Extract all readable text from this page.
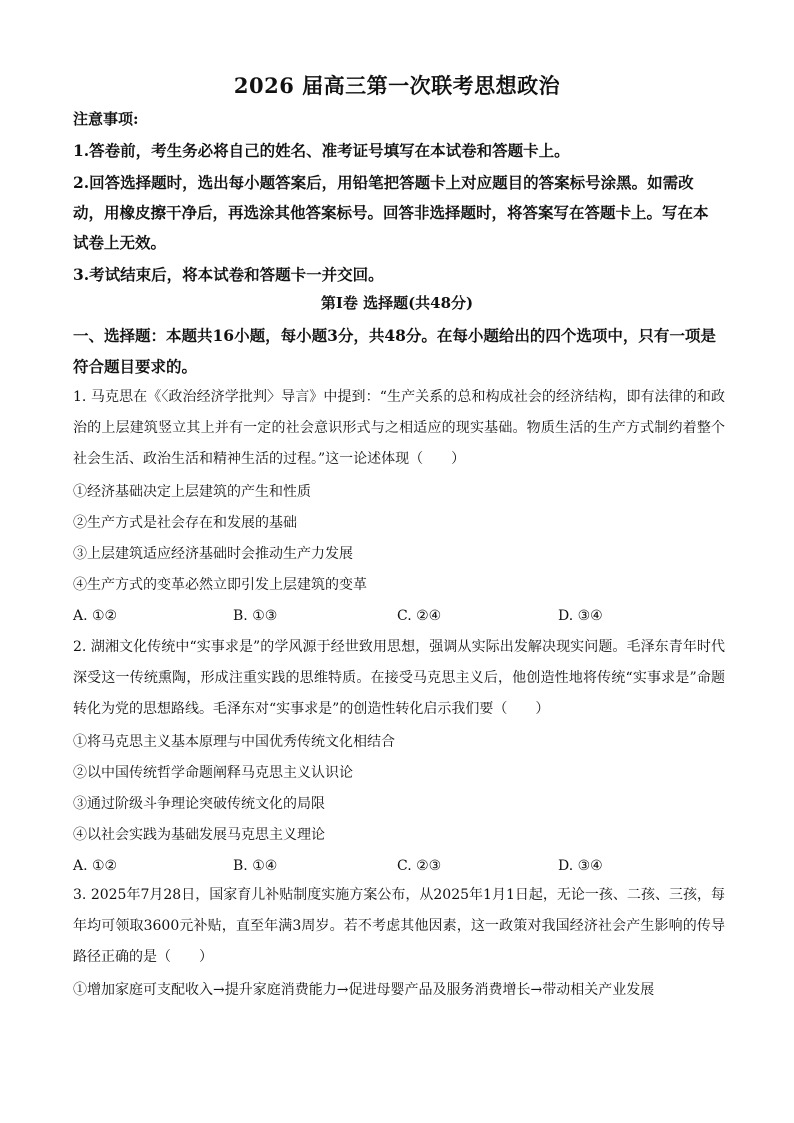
2026 届高三第一次联考思想政治
注意事项:
1.答卷前，考生务必将自己的姓名、准考证号填写在本试卷和答题卡上。
2.回答选择题时，选出每小题答案后，用铅笔把答题卡上对应题目的答案标号涂黑。如需改动，用橡皮擦干净后，再选涂其他答案标号。回答非选择题时，将答案写在答题卡上。写在本试卷上无效。
3.考试结束后，将本试卷和答题卡一并交回。
第Ⅰ卷 选择题(共48分)
一、选择题：本题共16小题，每小题3分，共48分。在每小题给出的四个选项中，只有一项是符合题目要求的。
1. 马克思在《〈政治经济学批判〉导言》中提到：“生产关系的总和构成社会的经济结构，即有法律的和政治的上层建筑竖立其上并有一定的社会意识形式与之相适应的现实基础。物质生活的生产方式制约着整个社会生活、政治生活和精神生活的过程。”这一论述体现（　　）
①经济基础决定上层建筑的产生和性质
②生产方式是社会存在和发展的基础
③上层建筑适应经济基础时会推动生产力发展
④生产方式的变革必然立即引发上层建筑的变革
A. ①②	B. ①③	C. ②④	D. ③④
2. 湖湘文化传统中“实事求是”的学风源于经世致用思想，强调从实际出发解决现实问题。毛泽东青年时代深受这一传统熏陶，形成注重实践的思维特质。在接受马克思主义后，他创造性地将传统“实事求是”命题转化为党的思想路线。毛泽东对“实事求是”的创造性转化启示我们要（　　）
①将马克思主义基本原理与中国优秀传统文化相结合
②以中国传统哲学命题阐释马克思主义认识论
③通过阶级斗争理论突破传统文化的局限
④以社会实践为基础发展马克思主义理论
A. ①②	B. ①④	C. ②③	D. ③④
3. 2025年7月28日，国家育儿补贴制度实施方案公布，从2025年1月1日起，无论一孩、二孩、三孩，每年均可领取3600元补贴，直至年满3周岁。若不考虑其他因素，这一政策对我国经济社会产生影响的传导路径正确的是（　　）
①增加家庭可支配收入→提升家庭消费能力→促进母婴产品及服务消费增长→带动相关产业发展
